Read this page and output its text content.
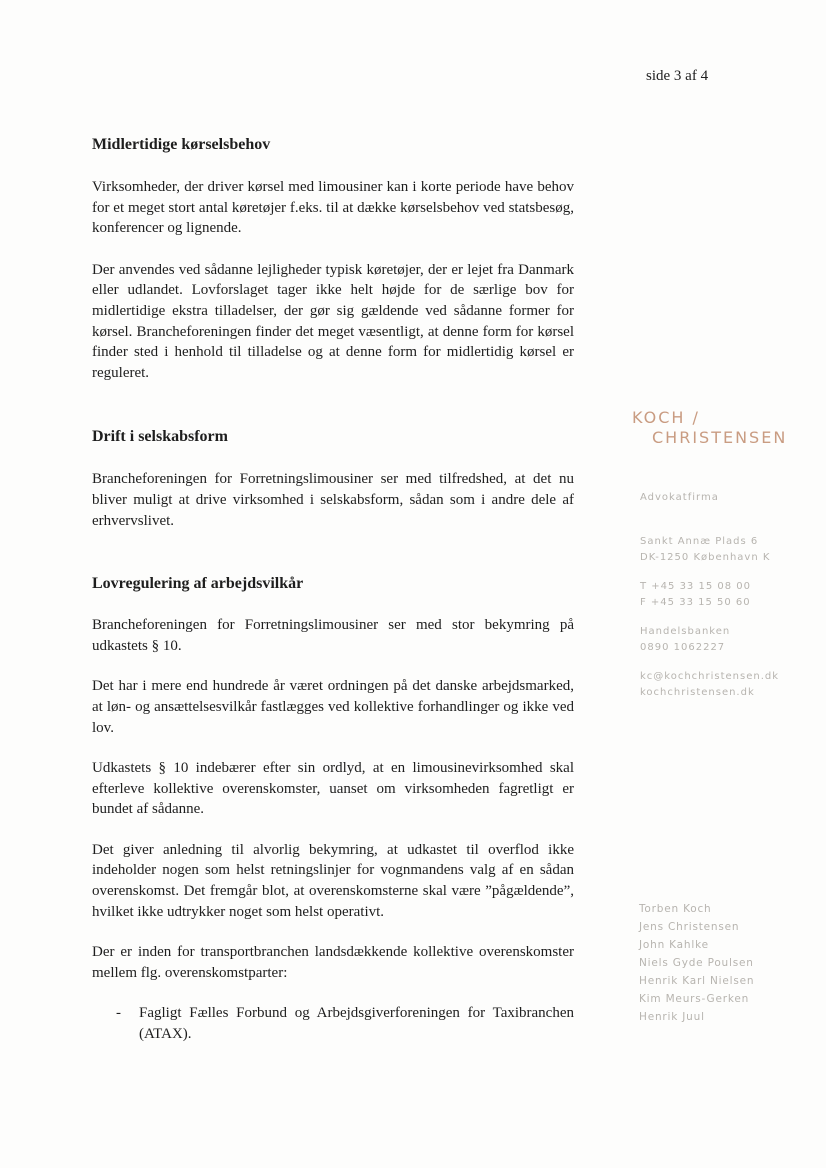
side 3 af 4
Midlertidige kørselsbehov

Virksomheder, der driver kørsel med limousiner kan i korte periode have behov for et meget stort antal køretøjer f.eks. til at dække kørselsbehov ved statsbesøg, konferencer og lignende.

Der anvendes ved sådanne lejligheder typisk køretøjer, der er lejet fra Danmark eller udlandet. Lovforslaget tager ikke helt højde for de særlige bov for midlertidige ekstra tilladelser, der gør sig gældende ved sådanne former for kørsel. Brancheforeningen finder det meget væsentligt, at denne form for kørsel finder sted i henhold til tilladelse og at denne form for midlertidig kørsel er reguleret.

Drift i selskabsform

Brancheforeningen for Forretningslimousiner ser med tilfredshed, at det nu bliver muligt at drive virksomhed i selskabsform, sådan som i andre dele af erhvervslivet.

Lovregulering af arbejdsvilkår

Brancheforeningen for Forretningslimousiner ser med stor bekymring på udkastets § 10.

Det har i mere end hundrede år været ordningen på det danske arbejdsmarked, at løn- og ansættelsesvilkår fastlægges ved kollektive forhandlinger og ikke ved lov.

Udkastets § 10 indebærer efter sin ordlyd, at en limousinevirksomhed skal efterleve kollektive overenskomster, uanset om virksomheden fagretligt er bundet af sådanne.

Det giver anledning til alvorlig bekymring, at udkastet til overflod ikke indeholder nogen som helst retningslinjer for vognmandens valg af en sådan overenskomst. Det fremgår blot, at overenskomsterne skal være ”pågældende”, hvilket ikke udtrykker noget som helst operativt.

Der er inden for transportbranchen landsdækkende kollektive overenskomster mellem flg. overenskomstparter:

-	Fagligt Fælles Forbund og Arbejdsgiverforeningen for Taxibranchen (ATAX).
KOCH /
CHRISTENSEN
Advokatfirma
Sankt Annæ Plads 6
DK-1250 København K
T +45 33 15 08 00
F +45 33 15 50 60
Handelsbanken
0890 1062227
kc@kochchristensen.dk
kochchristensen.dk
Torben Koch
Jens Christensen
John Kahlke
Niels Gyde Poulsen
Henrik Karl Nielsen
Kim Meurs-Gerken
Henrik Juul
